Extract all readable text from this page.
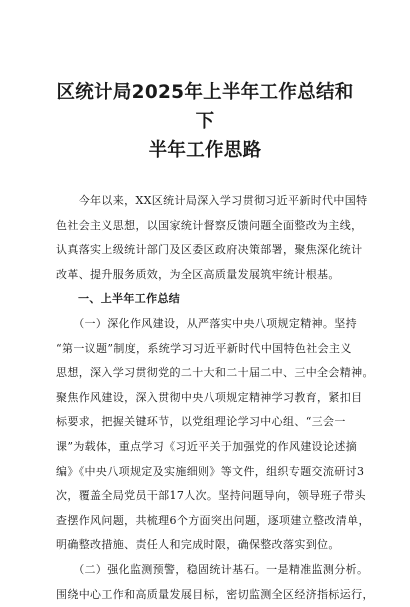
区统计局2025年上半年工作总结和下
半年工作思路

　　今年以来，XX区统计局深入学习贯彻习近平新时代中国特
色社会主义思想，以国家统计督察反馈问题全面整改为主线，
认真落实上级统计部门及区委区政府决策部署，聚焦深化统计
改革、提升服务质效，为全区高质量发展筑牢统计根基。

一、上半年工作总结

　　（一）深化作风建设，从严落实中央八项规定精神。坚持
“第一议题”制度，系统学习习近平新时代中国特色社会主义
思想，深入学习贯彻党的二十大和二十届二中、三中全会精神。
聚焦作风建设，深入贯彻中央八项规定精神学习教育，紧扣目
标要求，把握关键环节，以党组理论学习中心组、“三会一
课”为载体，重点学习《习近平关于加强党的作风建设论述摘
编》《中央八项规定及实施细则》等文件，组织专题交流研讨3
次，覆盖全局党员干部17人次。坚持问题导向，领导班子带头
查摆作风问题，共梳理6个方面突出问题，逐项建立整改清单，
明确整改措施、责任人和完成时限，确保整改落实到位。

　　（二）强化监测预警，稳固统计基石。一是精准监测分析。
围绕中心工作和高质量发展目标，密切监测全区经济指标运行，
